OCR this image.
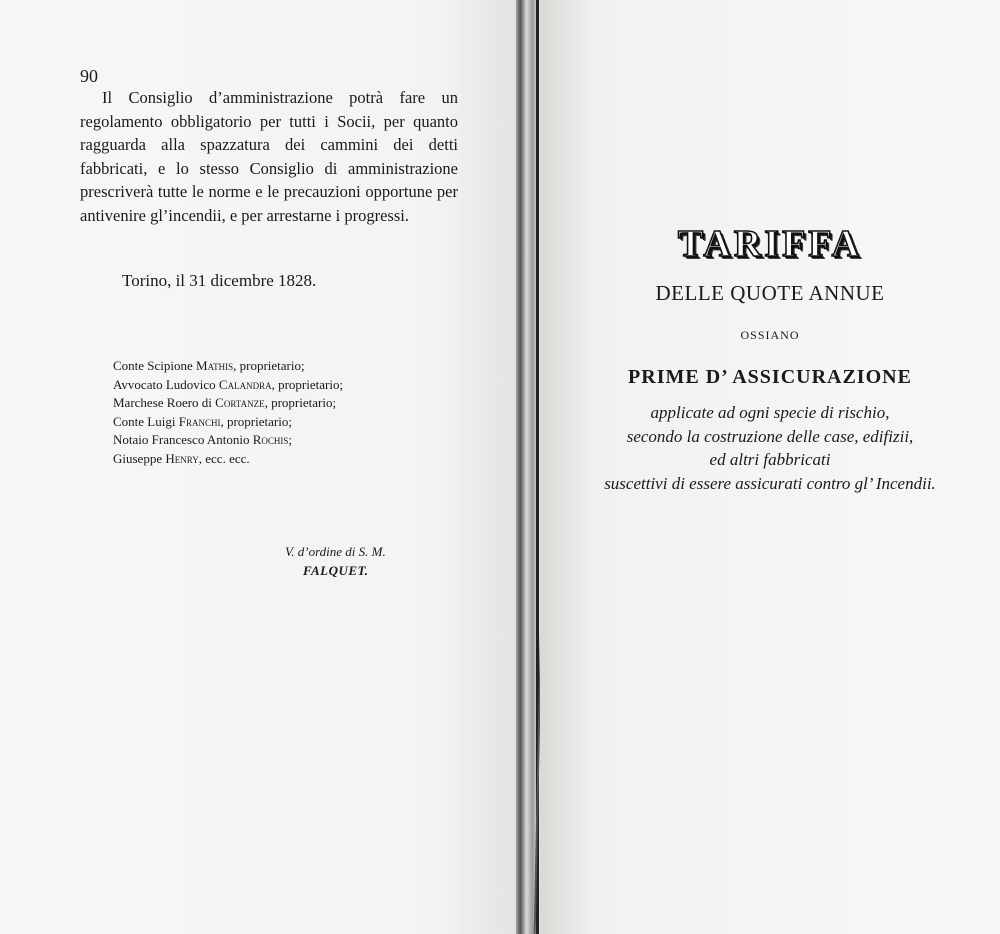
90

Il Consiglio d’amministrazione potrà fare un regolamento obbligatorio per tutti i Socii, per quanto ragguarda alla spazzatura dei cammini dei detti fabbricati, e lo stesso Consiglio di amministrazione prescriverà tutte le norme e le precauzioni opportune per antivenire gl’incendii, e per arrestarne i progressi.

Torino, il 31 dicembre 1828.
Conte Scipione Mathis, proprietario;
Avvocato Ludovico Calandra, proprietario;
Marchese Roero di Cortanze, proprietario;
Conte Luigi Franchi, proprietario;
Notaio Francesco Antonio Rochis;
Giuseppe Henry, ecc. ecc.
V. d’ordine di S. M.
FALQUET.
TARIFFA
DELLE QUOTE ANNUE
OSSIANO
PRIME D’ ASSICURAZIONE
applicate ad ogni specie di rischio,
secondo la costruzione delle case, edifizii,
ed altri fabbricati
suscettivi di essere assicurati contro gl’ Incendii.
